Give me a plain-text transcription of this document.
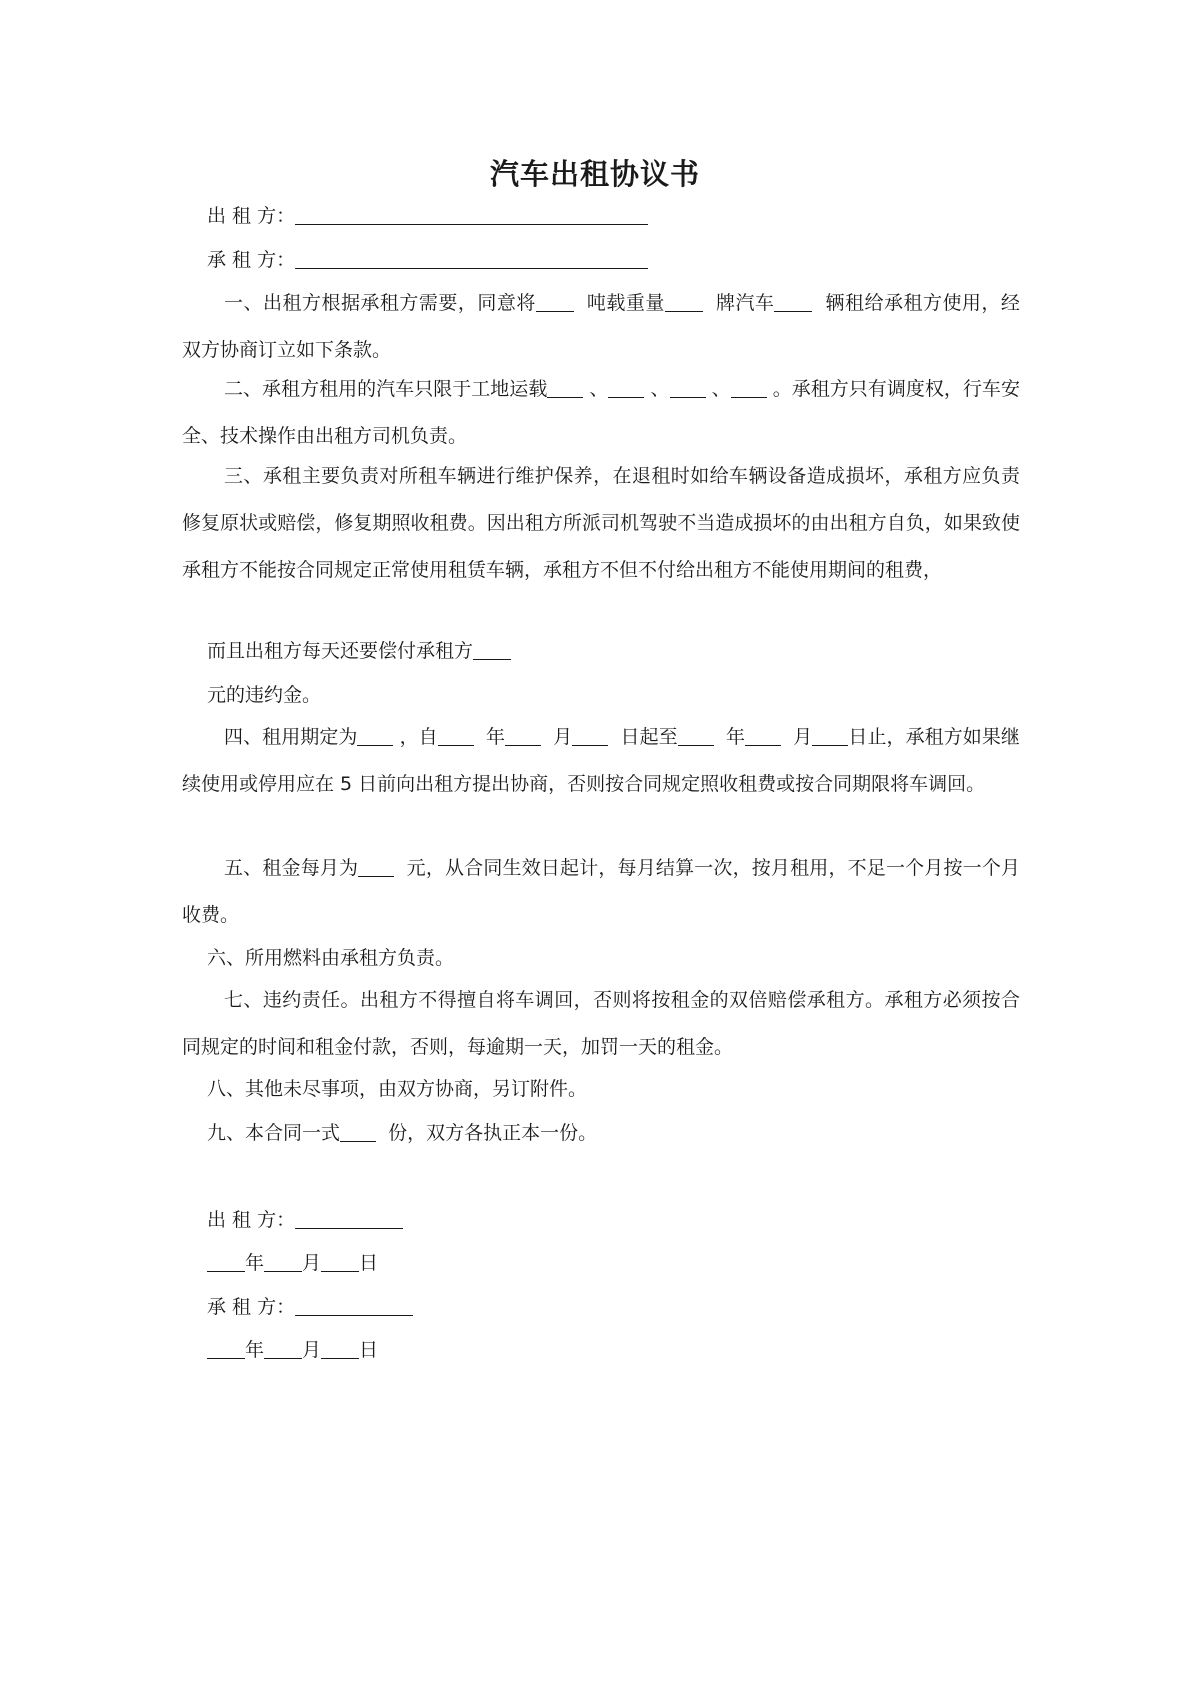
汽车出租协议书
出 租 方：
承 租 方：
一、出租方根据承租方需要，同意将	吨载重量	牌汽车	辆租给承租方使用，经双方协商订立如下条款。
二、承租方租用的汽车只限于工地运载 、 、 、 。承租方只有调度权，行车安全、技术操作由出租方司机负责。
三、承租主要负责对所租车辆进行维护保养，在退租时如给车辆设备造成损坏，承租方应负责修复原状或赔偿，修复期照收租费。因出租方所派司机驾驶不当造成损坏的由出租方自负，如果致使承租方不能按合同规定正常使用租赁车辆，承租方不但不付给出租方不能使用期间的租费，
而且出租方每天还要偿付承租方
元的违约金。
四、租用期定为 ，自	年	月	日起至	年	月 日止，承租方如果继续使用或停用应在 5 日前向出租方提出协商，否则按合同规定照收租费或按合同期限将车调回。
五、租金每月为	元，从合同生效日起计，每月结算一次，按月租用，不足一个月按一个月收费。
六、所用燃料由承租方负责。
七、违约责任。出租方不得擅自将车调回，否则将按租金的双倍赔偿承租方。承租方必须按合同规定的时间和租金付款，否则，每逾期一天，加罚一天的租金。
八、其他未尽事项，由双方协商，另订附件。
九、本合同一式	份，双方各执正本一份。
出 租 方：
年 月 日
承 租 方：
年 月 日
